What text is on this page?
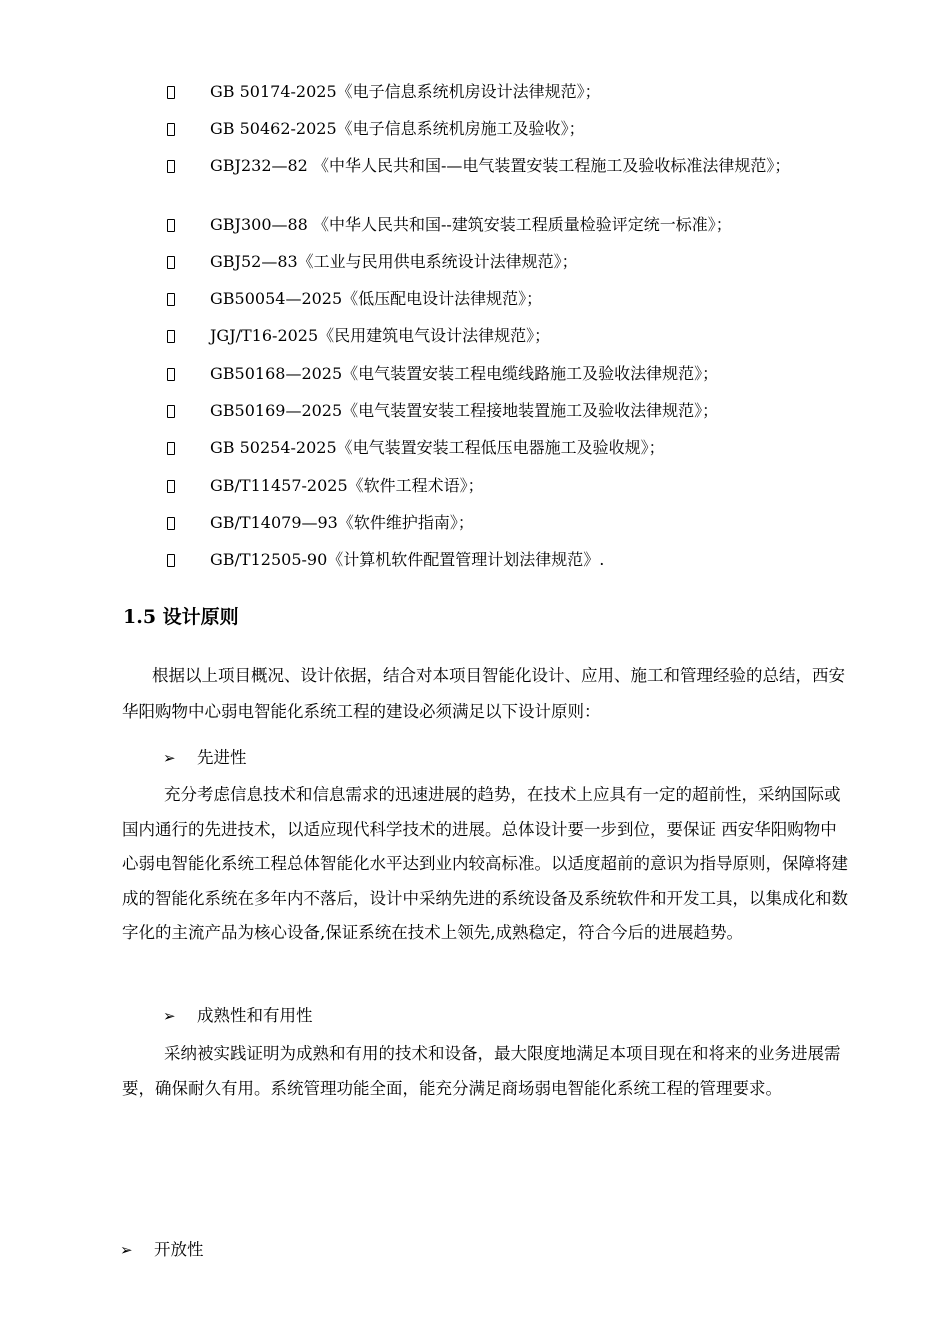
GB 50174-2025《电子信息系统机房设计法律规范》；
GB 50462-2025《电子信息系统机房施工及验收》；
GBJ232—82 《中华人民共和国-—电气装置安装工程施工及验收标准法律规范》；
GBJ300—88 《中华人民共和国--建筑安装工程质量检验评定统一标准》；
GBJ52—83《工业与民用供电系统设计法律规范》；
GB50054—2025《低压配电设计法律规范》；
JGJ/T16-2025《民用建筑电气设计法律规范》；
GB50168—2025《电气装置安装工程电缆线路施工及验收法律规范》；
GB50169—2025《电气装置安装工程接地装置施工及验收法律规范》；
GB 50254-2025《电气装置安装工程低压电器施工及验收规》；
GB/T11457-2025《软件工程术语》；
GB/T14079—93《软件维护指南》；
GB/T12505-90《计算机软件配置管理计划法律规范》.
1.5 设计原则
根据以上项目概况、设计依据，结合对本项目智能化设计、应用、施工和管理经验的总结，西安华阳购物中心弱电智能化系统工程的建设必须满足以下设计原则：
➢ 先进性
充分考虑信息技术和信息需求的迅速进展的趋势，在技术上应具有一定的超前性，采纳国际或国内通行的先进技术，以适应现代科学技术的进展。总体设计要一步到位，要保证 西安华阳购物中心弱电智能化系统工程总体智能化水平达到业内较高标准。以适度超前的意识为指导原则，保障将建成的智能化系统在多年内不落后，设计中采纳先进的系统设备及系统软件和开发工具，以集成化和数字化的主流产品为核心设备,保证系统在技术上领先,成熟稳定，符合今后的进展趋势。
➢ 成熟性和有用性
采纳被实践证明为成熟和有用的技术和设备，最大限度地满足本项目现在和将来的业务进展需要，确保耐久有用。系统管理功能全面，能充分满足商场弱电智能化系统工程的管理要求。
➢ 开放性
